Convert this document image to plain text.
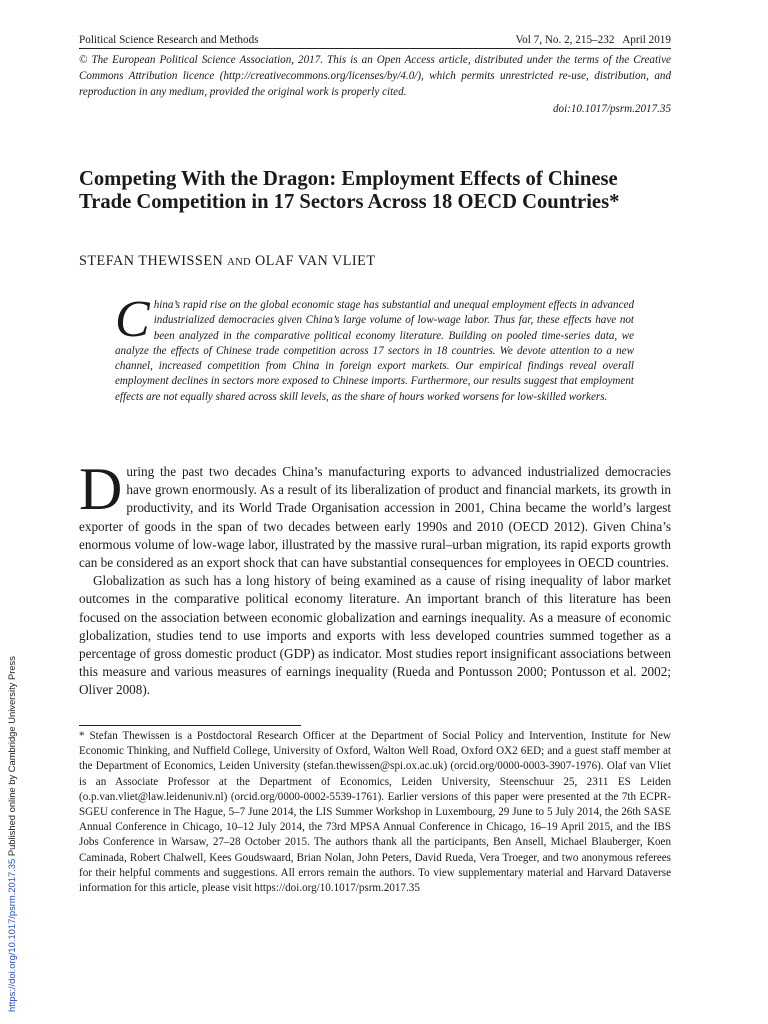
Political Science Research and Methods	Vol 7, No. 2, 215–232   April 2019
© The European Political Science Association, 2017. This is an Open Access article, distributed under the terms of the Creative Commons Attribution licence (http://creativecommons.org/licenses/by/4.0/), which permits unrestricted re-use, distribution, and reproduction in any medium, provided the original work is properly cited.
doi:10.1017/psrm.2017.35
Competing With the Dragon: Employment Effects of Chinese Trade Competition in 17 Sectors Across 18 OECD Countries*
STEFAN THEWISSEN AND OLAF VAN VLIET
China’s rapid rise on the global economic stage has substantial and unequal employment effects in advanced industrialized democracies given China’s large volume of low-wage labor. Thus far, these effects have not been analyzed in the comparative political economy literature. Building on pooled time-series data, we analyze the effects of Chinese trade competition across 17 sectors in 18 countries. We devote attention to a new channel, increased competition from China in foreign export markets. Our empirical findings reveal overall employment declines in sectors more exposed to Chinese imports. Furthermore, our results suggest that employment effects are not equally shared across skill levels, as the share of hours worked worsens for low-skilled workers.

During the past two decades China’s manufacturing exports to advanced industrialized democracies have grown enormously. As a result of its liberalization of product and financial markets, its growth in productivity, and its World Trade Organisation accession in 2001, China became the world’s largest exporter of goods in the span of two decades between early 1990s and 2010 (OECD 2012). Given China’s enormous volume of low-wage labor, illustrated by the massive rural–urban migration, its rapid exports growth can be considered as an export shock that can have substantial consequences for employees in OECD countries.

Globalization as such has a long history of being examined as a cause of rising inequality of labor market outcomes in the comparative political economy literature. An important branch of this literature has been focused on the association between economic globalization and earnings inequality. As a measure of economic globalization, studies tend to use imports and exports with less developed countries summed together as a percentage of gross domestic product (GDP) as indicator. Most studies report insignificant associations between this measure and various measures of earnings inequality (Rueda and Pontusson 2000; Pontusson et al. 2002; Oliver 2008).

* Stefan Thewissen is a Postdoctoral Research Officer at the Department of Social Policy and Intervention, Institute for New Economic Thinking, and Nuffield College, University of Oxford, Walton Well Road, Oxford OX2 6ED; and a guest staff member at the Department of Economics, Leiden University (stefan.thewissen@spi.ox.ac.uk) (orcid.org/0000-0003-3907-1976). Olaf van Vliet is an Associate Professor at the Department of Economics, Leiden University, Steenschuur 25, 2311 ES Leiden (o.p.van.vliet@law.leidenuniv.nl) (orcid.org/0000-0002-5539-1761). Earlier versions of this paper were presented at the 7th ECPR-SGEU conference in The Hague, 5–7 June 2014, the LIS Summer Workshop in Luxembourg, 29 June to 5 July 2014, the 26th SASE Annual Conference in Chicago, 10–12 July 2014, the 73rd MPSA Annual Conference in Chicago, 16–19 April 2015, and the IBS Jobs Conference in Warsaw, 27–28 October 2015. The authors thank all the participants, Ben Ansell, Michael Blauberger, Koen Caminada, Robert Chalwell, Kees Goudswaard, Brian Nolan, John Peters, David Rueda, Vera Troeger, and two anonymous referees for their helpful comments and suggestions. All errors remain the authors. To view supplementary material and Harvard Dataverse information for this article, please visit https://doi.org/10.1017/psrm.2017.35
https://doi.org/10.1017/psrm.2017.35 Published online by Cambridge University Press
